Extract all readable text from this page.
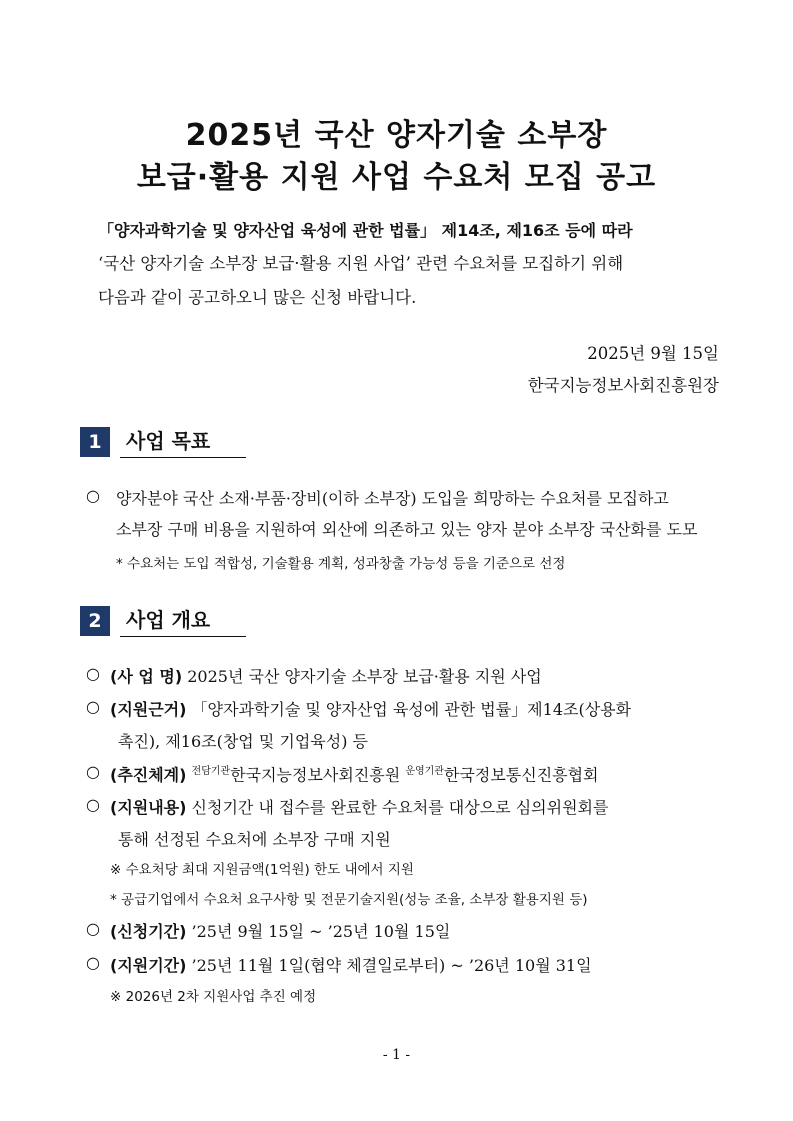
2025년 국산 양자기술 소부장
보급·활용 지원 사업 수요처 모집 공고
「양자과학기술 및 양자산업 육성에 관한 법률」 제14조, 제16조 등에 따라
‘국산 양자기술 소부장 보급·활용 지원 사업’ 관련 수요처를 모집하기 위해
다음과 같이 공고하오니 많은 신청 바랍니다.
2025년 9월 15일
한국지능정보사회진흥원장
1	사업 목표
○ 양자분야 국산 소재·부품·장비(이하 소부장) 도입을 희망하는 수요처를 모집하고
소부장 구매 비용을 지원하여 외산에 의존하고 있는 양자 분야 소부장 국산화를 도모
* 수요처는 도입 적합성, 기술활용 계획, 성과창출 가능성 등을 기준으로 선정
2	사업 개요
○ (사 업 명) 2025년 국산 양자기술 소부장 보급·활용 지원 사업
○ (지원근거) 「양자과학기술 및 양자산업 육성에 관한 법률」제14조(상용화
촉진), 제16조(창업 및 기업육성) 등
○ (추진체계) $^{전담기관}$한국지능정보사회진흥원 $^{운영기관}$한국정보통신진흥협회
○ (지원내용) 신청기간 내 접수를 완료한 수요처를 대상으로 심의위원회를
통해 선정된 수요처에 소부장 구매 지원
※ 수요처당 최대 지원금액(1억원) 한도 내에서 지원
* 공급기업에서 수요처 요구사항 및 전문기술지원(성능 조율, 소부장 활용지원 등)
○ (신청기간) ’25년 9월 15일 ~ ’25년 10월 15일
○ (지원기간) ’25년 11월 1일(협약 체결일로부터) ~ ’26년 10월 31일
※ 2026년 2차 지원사업 추진 예정
- 1 -
